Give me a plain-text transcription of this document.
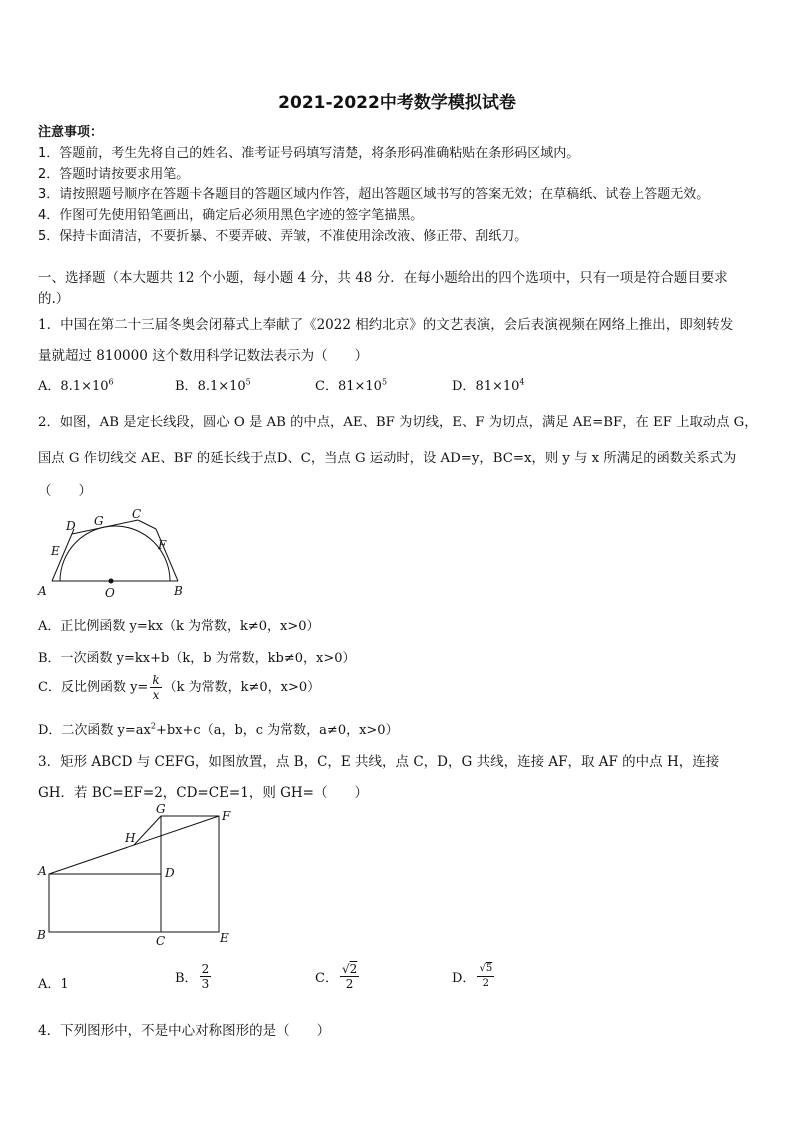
2021-2022中考数学模拟试卷
注意事项：
1．答题前，考生先将自己的姓名、准考证号码填写清楚，将条形码准确粘贴在条形码区域内。
2．答题时请按要求用笔。
3．请按照题号顺序在答题卡各题目的答题区域内作答，超出答题区域书写的答案无效；在草稿纸、试卷上答题无效。
4．作图可先使用铅笔画出，确定后必须用黑色字迹的签字笔描黑。
5．保持卡面清洁，不要折暴、不要弄破、弄皱，不准使用涂改液、修正带、刮纸刀。
一、选择题（本大题共 12 个小题，每小题 4 分，共 48 分．在每小题给出的四个选项中，只有一项是符合题目要求
的.）
1．中国在第二十三届冬奥会闭幕式上奉献了《2022 相约北京》的文艺表演，会后表演视频在网络上推出，即刻转发
量就超过 810000 这个数用科学记数法表示为（　　）
A．$8.1\times 10^6$	B．$8.1\times 10^5$	C．$81\times 10^5$	D．$81\times 10^4$
2．如图，AB 是定长线段，圆心 O 是 AB 的中点，AE、BF 为切线，E、F 为切点，满足 AE=BF，在 EF 上取动点 G，
国点 G 作切线交 AE、BF 的延长线于点D、C，当点 G 运动时，设 AD=y，BC=x，则 y 与 x 所满足的函数关系式为
（　　）
A	B
O
E
D G C
F
A．正比例函数 y=kx（k 为常数，k≠0，x>0）
B．一次函数 y=kx+b（k，b 为常数，kb≠0，x>0）
C．反比例函数 $y= \frac{k}{x} (k$ 为常数，k≠0，x>0）
D．二次函数 $y=ax^2+bx+c(a$，b，c 为常数，a≠0，x>0）
3．矩形 ABCD 与 CEFG，如图放置，点 B，C，E 共线，点 C，D，G 共线，连接 AF，取 AF 的中点 H，连接
GH．若 BC=EF=2，CD=CE=1，则 GH=（　　）
A
B	C
D
E
F
G
H
A．1	B． $\frac{2}{3}$	C． $\frac{√2}{2}$	D． $\frac{√5}{2}$
4．下列图形中，不是中心对称图形的是（　　）
